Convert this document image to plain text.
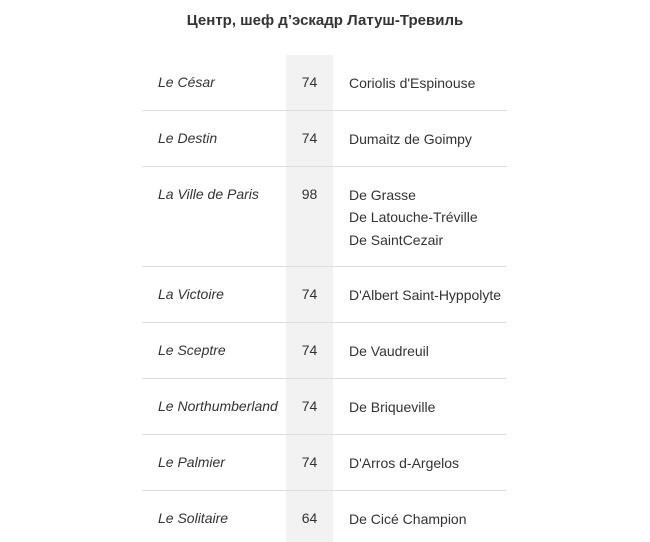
Центр, шеф д’эскадр Латуш-Тревиль
Le César	74	Coriolis d'Espinouse
Le Destin	74	Dumaitz de Goimpy
La Ville de Paris	98	De Grasse
De Latouche-Tréville
De SaintCezair
La Victoire	74	D'Albert Saint-Hyppolyte
Le Sceptre	74	De Vaudreuil
Le Northumberland	74	De Briqueville
Le Palmier	74	D'Arros d-Argelos
Le Solitaire	64	De Cicé Champion
